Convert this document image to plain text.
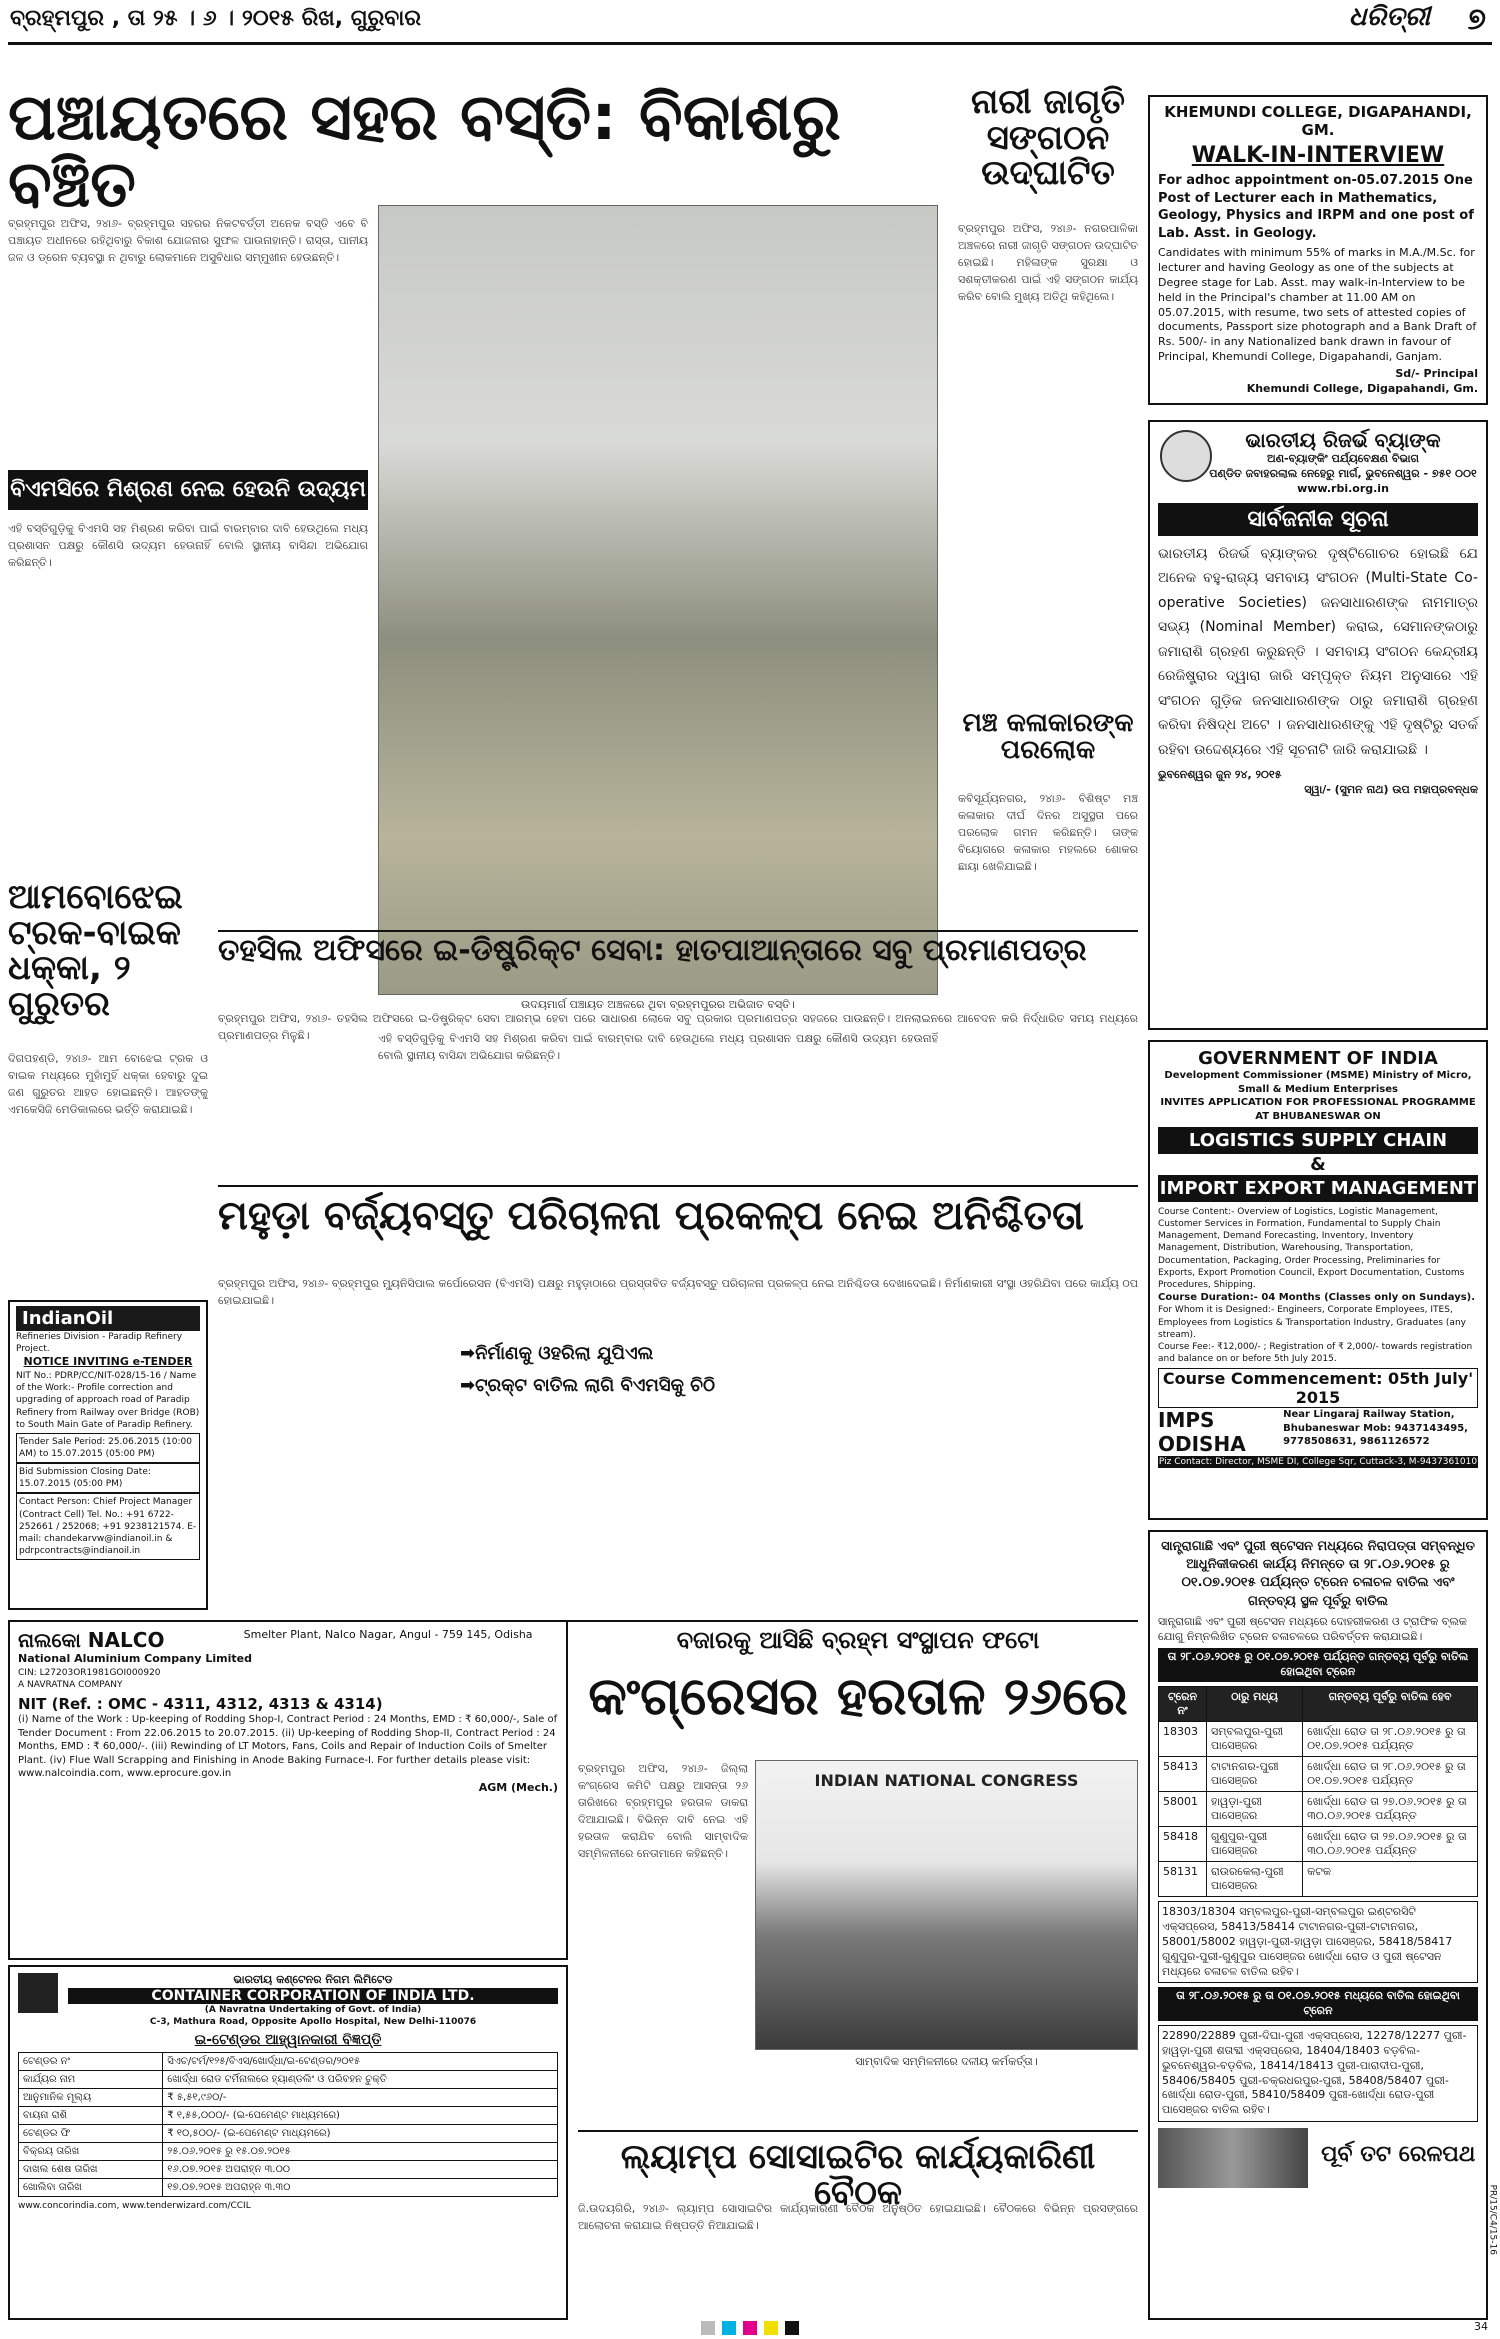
ବ୍ରହ୍ମପୁର , ତା ୨୫ । ୬ । ୨୦୧୫ ରିଖ, ଗୁରୁବାର	ଧରିତ୍ରୀ ୭
ପଞ୍ଚାୟତରେ ସହର ବସ୍ତି: ବିକାଶରୁ ବଞ୍ଚିତ
ବ୍ରହ୍ମପୁର ଅଫିସ, ୨୪ା୬- ବ୍ରହ୍ମପୁର ସହରର ନିକଟବର୍ତ୍ତୀ ଅନେକ ବସ୍ତି ଏବେ ବି ପଞ୍ଚାୟତ ଅଧୀନରେ ରହିଥିବାରୁ ବିକାଶ ଯୋଜନାର ସୁଫଳ ପାଉନାହାନ୍ତି। ରାସ୍ତା, ପାନୀୟ ଜଳ ଓ ଡ୍ରେନ ବ୍ୟବସ୍ଥା ନ ଥିବାରୁ ଲୋକମାନେ ଅସୁବିଧାର ସମ୍ମୁଖୀନ ହେଉଛନ୍ତି।
ଉଦୟମାର୍ଗ ପଞ୍ଚାୟତ ଅଞ୍ଚଳରେ ଥିବା ବ୍ରହ୍ମପୁରର ଅଭିଜାତ ବସ୍ତି।
ବିଏମସିରେ ମିଶ୍ରଣ ନେଇ ହେଉନି ଉଦ୍ୟମ
ଏହି ବସ୍ତିଗୁଡ଼ିକୁ ବିଏମସି ସହ ମିଶ୍ରଣ କରିବା ପାଇଁ ବାରମ୍ବାର ଦାବି ହେଉଥିଲେ ମଧ୍ୟ ପ୍ରଶାସନ ପକ୍ଷରୁ କୌଣସି ଉଦ୍ୟମ ହେଉନାହିଁ ବୋଲି ସ୍ଥାନୀୟ ବାସିନ୍ଦା ଅଭିଯୋଗ କରିଛନ୍ତି।
ଏହି ବସ୍ତିଗୁଡ଼ିକୁ ବିଏମସି ସହ ମିଶ୍ରଣ କରିବା ପାଇଁ ବାରମ୍ବାର ଦାବି ହେଉଥିଲେ ମଧ୍ୟ ପ୍ରଶାସନ ପକ୍ଷରୁ କୌଣସି ଉଦ୍ୟମ ହେଉନାହିଁ ବୋଲି ସ୍ଥାନୀୟ ବାସିନ୍ଦା ଅଭିଯୋଗ କରିଛନ୍ତି।
ନାରୀ ଜାଗୃତି ସଙ୍ଗଠନ ଉଦ୍‌ଘାଟିତ
ବ୍ରହ୍ମପୁର ଅଫିସ, ୨୪ା୬- ନଗରପାଳିକା ଅଞ୍ଚଳରେ ନାରୀ ଜାଗୃତି ସଙ୍ଗଠନ ଉଦ୍‌ଘାଟିତ ହୋଇଛି। ମହିଳାଙ୍କ ସୁରକ୍ଷା ଓ ସଶକ୍ତୀକରଣ ପାଇଁ ଏହି ସଙ୍ଗଠନ କାର୍ଯ୍ୟ କରିବ ବୋଲି ମୁଖ୍ୟ ଅତିଥି କହିଥିଲେ।
ମଞ୍ଚ କଳାକାରଙ୍କ ପରଲୋକ
କବିସୂର୍ଯ୍ୟନଗର, ୨୪ା୬- ବିଶିଷ୍ଟ ମଞ୍ଚ କଳାକାର ଦୀର୍ଘ ଦିନର ଅସୁସ୍ଥତା ପରେ ପରଲୋକ ଗମନ କରିଛନ୍ତି। ତାଙ୍କ ବିୟୋଗରେ କଳାକାର ମହଲରେ ଶୋକର ଛାୟା ଖେଳିଯାଇଛି।
KHEMUNDI COLLEGE, DIGAPAHANDI, GM.
WALK-IN-INTERVIEW
For adhoc appointment on-05.07.2015 One Post of Lecturer each in Mathematics, Geology, Physics and IRPM and one post of Lab. Asst. in Geology.
Candidates with minimum 55% of marks in M.A./M.Sc. for lecturer and having Geology as one of the subjects at Degree stage for Lab. Asst. may walk-in-Interview to be held in the Principal's chamber at 11.00 AM on 05.07.2015, with resume, two sets of attested copies of documents, Passport size photograph and a Bank Draft of Rs. 500/- in any Nationalized bank drawn in favour of Principal, Khemundi College, Digapahandi, Ganjam.
Sd/- Principal
Khemundi College, Digapahandi, Gm.
ଭାରତୀୟ ରିଜର୍ଭ ବ୍ୟାଙ୍କ
ଅଣ-ବ୍ୟାଙ୍କିଂ ପର୍ଯ୍ୟବେକ୍ଷଣ ବିଭାଗ
ପଣ୍ଡିତ ଜବାହରଲାଲ ନେହେରୁ ମାର୍ଗ, ଭୁବନେଶ୍ୱର - ୭୫୧ ୦୦୧
www.rbi.org.in
ସାର୍ବଜନୀକ ସୂଚନା
ଭାରତୀୟ ରିଜର୍ଭ ବ୍ୟାଙ୍କର ଦୃଷ୍ଟିଗୋଚର ହୋଇଛି ଯେ ଅନେକ ବହୁ-ରାଜ୍ୟ ସମବାୟ ସଂଗଠନ (Multi-State Co-operative Societies) ଜନସାଧାରଣଙ୍କ ନାମମାତ୍ର ସଭ୍ୟ (Nominal Member) କରାଇ, ସେମାନଙ୍କଠାରୁ ଜମାରାଶି ଗ୍ରହଣ କରୁଛନ୍ତି । ସମବାୟ ସଂଗଠନ କେନ୍ଦ୍ରୀୟ ରେଜିଷ୍ଟ୍ରାର ଦ୍ୱାରା ଜାରି ସମ୍ପୃକ୍ତ ନିୟମ ଅନୁସାରେ ଏହି ସଂଗଠନ ଗୁଡ଼ିକ ଜନସାଧାରଣଙ୍କ ଠାରୁ ଜମାରାଶି ଗ୍ରହଣ କରିବା ନିଷିଦ୍ଧ ଅଟେ । ଜନସାଧାରଣଙ୍କୁ ଏହି ଦୃଷ୍ଟିରୁ ସତର୍କ ରହିବା ଉଦ୍ଦେଶ୍ୟରେ ଏହି ସୂଚନାଟି ଜାରି କରାଯାଇଛି ।
ଭୁବନେଶ୍ୱର ଜୁନ ୨୪, ୨୦୧୫
ସ୍ୱା/- (ସୁମନ ନାଥ) ଉପ ମହାପ୍ରବନ୍ଧକ
ଆମବୋଝେଇ ଟ୍ରକ-ବାଇକ ଧକ୍କା, ୨ ଗୁରୁତର
ଦିଗପହଣ୍ଡି, ୨୪ା୬- ଆମ ବୋଝେଇ ଟ୍ରକ ଓ ବାଇକ ମଧ୍ୟରେ ମୁହାଁମୁହିଁ ଧକ୍କା ହେବାରୁ ଦୁଇ ଜଣ ଗୁରୁତର ଆହତ ହୋଇଛନ୍ତି। ଆହତଙ୍କୁ ଏମକେସିଜି ମେଡିକାଲରେ ଭର୍ତ୍ତି କରାଯାଇଛି।
ତହସିଲ ଅଫିସରେ ଇ-ଡିଷ୍ଟ୍ରିକ୍ଟ ସେବା: ହାତପାଆନ୍ତାରେ ସବୁ ପ୍ରମାଣପତ୍ର
ବ୍ରହ୍ମପୁର ଅଫିସ, ୨୪ା୬- ତହସିଲ ଅଫିସରେ ଇ-ଡିଷ୍ଟ୍ରିକ୍ଟ ସେବା ଆରମ୍ଭ ହେବା ପରେ ସାଧାରଣ ଲୋକେ ସବୁ ପ୍ରକାର ପ୍ରମାଣପତ୍ର ସହଜରେ ପାଉଛନ୍ତି। ଅନଲାଇନରେ ଆବେଦନ କରି ନିର୍ଦ୍ଧାରିତ ସମୟ ମଧ୍ୟରେ ପ୍ରମାଣପତ୍ର ମିଳୁଛି।
IndianOil
Refineries Division - Paradip Refinery Project.
NOTICE INVITING e-TENDER
NIT No.: PDRP/CC/NIT-028/15-16 / Name of the Work:- Profile correction and upgrading of approach road of Paradip Refinery from Railway over Bridge (ROB) to South Main Gate of Paradip Refinery.
Tender Sale Period: 25.06.2015 (10:00 AM) to 15.07.2015 (05:00 PM)
Bid Submission Closing Date: 15.07.2015 (05:00 PM)
Contact Person: Chief Project Manager (Contract Cell) Tel. No.: +91 6722-252661 / 252068; +91 9238121574. E-mail: chandekarvw@indianoil.in & pdrpcontracts@indianoil.in
GOVERNMENT OF INDIA
Development Commissioner (MSME) Ministry of Micro, Small & Medium Enterprises
INVITES APPLICATION FOR PROFESSIONAL PROGRAMME AT BHUBANESWAR ON
LOGISTICS SUPPLY CHAIN
&
IMPORT EXPORT MANAGEMENT
Course Content:- Overview of Logistics, Logistic Management, Customer Services in Formation, Fundamental to Supply Chain Management, Demand Forecasting, Inventory, Inventory Management, Distribution, Warehousing, Transportation, Documentation, Packaging, Order Processing, Preliminaries for Exports, Export Promotion Council, Export Documentation, Customs Procedures, Shipping.
Course Duration:- 04 Months (Classes only on Sundays).
For Whom it is Designed:- Engineers, Corporate Employees, ITES, Employees from Logistics & Transportation Industry, Graduates (any stream).
Course Fee:- ₹12,000/- ; Registration of ₹ 2,000/- towards registration and balance on or before 5th July 2015.
Course Commencement: 05th July' 2015
IMPS ODISHA Near Lingaraj Railway Station, Bhubaneswar Mob: 9437143495, 9778508631, 9861126572
Piz Contact: Director, MSME DI, College Sqr, Cuttack-3, M-9437361010
ମହୁଡ଼ା ବର୍ଜ୍ୟବସ୍ତୁ ପରିଚାଳନା ପ୍ରକଳ୍ପ ନେଇ ଅନିଶ୍ଚିତତା
ବ୍ରହ୍ମପୁର ଅଫିସ, ୨୪ା୬- ବ୍ରହ୍ମପୁର ମ୍ୟୁନିସିପାଲ କର୍ପୋରେସନ (ବିଏମସି) ପକ୍ଷରୁ ମହୁଡ଼ାଠାରେ ପ୍ରସ୍ତାବିତ ବର୍ଜ୍ୟବସ୍ତୁ ପରିଚାଳନା ପ୍ରକଳ୍ପ ନେଇ ଅନିଶ୍ଚିତତା ଦେଖାଦେଇଛି। ନିର୍ମାଣକାରୀ ସଂସ୍ଥା ଓହରିଯିବା ପରେ କାର୍ଯ୍ୟ ଠପ ହୋଇଯାଇଛି।
➡ନିର୍ମାଣକୁ ଓହରିଲା ଯୁପିଏଲ
➡ଟ୍ରକ୍ଟ ବାତିଲ ଲାଗି ବିଏମସିକୁ ଚିଠି
ସାନ୍ତ୍ରାଗାଛି ଏବଂ ପୁରୀ ଷ୍ଟେସନ ମଧ୍ୟରେ ନିରାପତ୍ତା ସମ୍ବନ୍ଧିତ ଆଧୁନିକୀକରଣ କାର୍ଯ୍ୟ ନିମନ୍ତେ ତା ୨୮.୦୬.୨୦୧୫ ରୁ ୦୧.୦୭.୨୦୧୫ ପର୍ଯ୍ୟନ୍ତ ଟ୍ରେନ ଚଳାଚଳ ବାତିଲ ଏବଂ ଗନ୍ତବ୍ୟ ସ୍ଥଳ ପୂର୍ବରୁ ବାତିଲ
ସାନ୍ତ୍ରାଗାଛି ଏବଂ ପୁରୀ ଷ୍ଟେସନ ମଧ୍ୟରେ ଦୋହରୀକରଣ ଓ ଟ୍ରାଫିକ ବ୍ଲକ ଯୋଗୁ ନିମ୍ନଲିଖିତ ଟ୍ରେନ ଚଳାଚଳରେ ପରିବର୍ତ୍ତନ କରାଯାଇଛି।
ତା ୨୮.୦୬.୨୦୧୫ ରୁ ୦୧.୦୭.୨୦୧୫ ପର୍ଯ୍ୟନ୍ତ ଗନ୍ତବ୍ୟ ପୂର୍ବରୁ ବାତିଲ ହୋଇଥିବା ଟ୍ରେନ
ଟ୍ରେନ ନଂ	ଠାରୁ ମଧ୍ୟ	ଗନ୍ତବ୍ୟ ପୂର୍ବରୁ ବାତିଲ ହେବ
18303	ସମ୍ବଲପୁର-ପୁରୀ ପାସେଞ୍ଜର	ଖୋର୍ଦ୍ଧା ରୋଡ ତା ୨୮.୦୬.୨୦୧୫ ରୁ ତା ୦୧.୦୭.୨୦୧୫ ପର୍ଯ୍ୟନ୍ତ
58413	ଟାଟାନଗର-ପୁରୀ ପାସେଞ୍ଜର	ଖୋର୍ଦ୍ଧା ରୋଡ ତା ୨୮.୦୬.୨୦୧୫ ରୁ ତା ୦୧.୦୭.୨୦୧୫ ପର୍ଯ୍ୟନ୍ତ
58001	ହାୱଡ଼ା-ପୁରୀ ପାସେଞ୍ଜର	ଖୋର୍ଦ୍ଧା ରୋଡ ତା ୨୭.୦୬.୨୦୧୫ ରୁ ତା ୩୦.୦୬.୨୦୧୫ ପର୍ଯ୍ୟନ୍ତ
58418	ଗୁଣୁପୁର-ପୁରୀ ପାସେଞ୍ଜର	ଖୋର୍ଦ୍ଧା ରୋଡ ତା ୨୭.୦୬.୨୦୧୫ ରୁ ତା ୩୦.୦୬.୨୦୧୫ ପର୍ଯ୍ୟନ୍ତ
58131	ରାଉରକେଲା-ପୁରୀ ପାସେଞ୍ଜର	କଟକ
18303/18304 ସମ୍ବଲପୁର-ପୁରୀ-ସମ୍ବଲପୁର ଇଣ୍ଟରସିଟି ଏକ୍ସପ୍ରେସ, 58413/58414 ଟାଟାନଗର-ପୁରୀ-ଟାଟାନଗର, 58001/58002 ହାୱଡ଼ା-ପୁରୀ-ହାୱଡ଼ା ପାସେଞ୍ଜର, 58418/58417 ଗୁଣୁପୁର-ପୁରୀ-ଗୁଣୁପୁର ପାସେଞ୍ଜର ଖୋର୍ଦ୍ଧା ରୋଡ ଓ ପୁରୀ ଷ୍ଟେସନ ମଧ୍ୟରେ ଚଳାଚଳ ବାତିଲ ରହିବ।
ତା ୨୮.୦୬.୨୦୧୫ ରୁ ତା ୦୧.୦୭.୨୦୧୫ ମଧ୍ୟରେ ବାତିଲ ହୋଇଥିବା ଟ୍ରେନ
22890/22889 ପୁରୀ-ଦିଘା-ପୁରୀ ଏକ୍ସପ୍ରେସ, 12278/12277 ପୁରୀ-ହାୱଡ଼ା-ପୁରୀ ଶତାବ୍ଦୀ ଏକ୍ସପ୍ରେସ, 18404/18403 ବଡ଼ବିଲ-ଭୁବନେଶ୍ୱର-ବଡ଼ବିଲ, 18414/18413 ପୁରୀ-ପାରାଦୀପ-ପୁରୀ, 58406/58405 ପୁରୀ-ଚକ୍ରଧରପୁର-ପୁରୀ, 58408/58407 ପୁରୀ-ଖୋର୍ଦ୍ଧା ରୋଡ-ପୁରୀ, 58410/58409 ପୁରୀ-ଖୋର୍ଦ୍ଧା ରୋଡ-ପୁରୀ ପାସେଞ୍ଜର ବାତିଲ ରହିବ।
ପୂର୍ବ ତଟ ରେଳପଥ
ନାଲକୋ NALCO	Smelter Plant, Nalco Nagar, Angul - 759 145, Odisha
National Aluminium Company Limited
CIN: L27203OR1981GOI000920
A NAVRATNA COMPANY
NIT (Ref. : OMC - 4311, 4312, 4313 & 4314)
(i) Name of the Work : Up-keeping of Rodding Shop-I, Contract Period : 24 Months, EMD : ₹ 60,000/-, Sale of Tender Document : From 22.06.2015 to 20.07.2015. (ii) Up-keeping of Rodding Shop-II, Contract Period : 24 Months, EMD : ₹ 60,000/-. (iii) Rewinding of LT Motors, Fans, Coils and Repair of Induction Coils of Smelter Plant. (iv) Flue Wall Scrapping and Finishing in Anode Baking Furnace-I. For further details please visit: www.nalcoindia.com, www.eprocure.gov.in
AGM (Mech.)
ଭାରତୀୟ କଣ୍ଟେନର ନିଗମ ଲିମିଟେଡ
CONTAINER CORPORATION OF INDIA LTD.
(A Navratna Undertaking of Govt. of India)
C-3, Mathura Road, Opposite Apollo Hospital, New Delhi-110076
ଇ-ଟେଣ୍ଡର ଆହ୍ୱାନକାରୀ ବିଜ୍ଞପ୍ତି
ଟେଣ୍ଡର ନଂ	ସିଏଚ/ଟର୍ମ/୧୨୫/ବିଏସ/ଖୋର୍ଦ୍ଧା/ଇ-ଟେଣ୍ଡର/୨୦୧୫
କାର୍ଯ୍ୟର ନାମ	ଖୋର୍ଦ୍ଧା ରୋଡ ଟର୍ମିନାଲରେ ହ୍ୟାଣ୍ଡଲିଂ ଓ ପରିବହନ ଚୁକ୍ତି
ଆନୁମାନିକ ମୂଲ୍ୟ	₹ ୫,୫୧,୯୬୦/-
ବାୟନା ରାଶି	₹ ୧,୫୫,୦୦୦/- (ଇ-ପେମେଣ୍ଟ ମାଧ୍ୟମରେ)
ଟେଣ୍ଡର ଫି	₹ ୧୦,୫୦୦/- (ଇ-ପେମେଣ୍ଟ ମାଧ୍ୟମରେ)
ବିକ୍ରୟ ତାରିଖ	୨୫.୦୬.୨୦୧୫ ରୁ ୧୫.୦୭.୨୦୧୫
ଦାଖଲ ଶେଷ ତାରିଖ	୧୬.୦୭.୨୦୧୫ ଅପରାହ୍ନ ୩.୦୦
ଖୋଲିବା ତାରିଖ	୧୭.୦୭.୨୦୧୫ ଅପରାହ୍ନ ୩.୩୦
www.concorindia.com, www.tenderwizard.com/CCIL
ବଜାରକୁ ଆସିଛି ବ୍ରହ୍ମ ସଂସ୍ଥାପନ ଫଟୋ
କଂଗ୍ରେସର ହରତାଳ ୨୬ରେ
ବ୍ରହ୍ମପୁର ଅଫିସ, ୨୪ା୬- ଜିଲ୍ଲା କଂଗ୍ରେସ କମିଟି ପକ୍ଷରୁ ଆସନ୍ତା ୨୬ ତାରିଖରେ ବ୍ରହ୍ମପୁର ହରତାଳ ଡାକରା ଦିଆଯାଇଛି। ବିଭିନ୍ନ ଦାବି ନେଇ ଏହି ହରତାଳ କରାଯିବ ବୋଲି ସାମ୍ବାଦିକ ସମ୍ମିଳନୀରେ ନେତାମାନେ କହିଛନ୍ତି।
INDIAN NATIONAL CONGRESS
ସାମ୍ବାଦିକ ସମ୍ମିଳନୀରେ ଦଳୀୟ କର୍ମକର୍ତ୍ତା।
ଲ୍ୟାମ୍ପ ସୋସାଇଟିର କାର୍ଯ୍ୟକାରିଣୀ ବୈଠକ
ଜି.ଉଦୟଗିରି, ୨୪ା୬- ଲ୍ୟାମ୍ପ ସୋସାଇଟିର କାର୍ଯ୍ୟକାରିଣୀ ବୈଠକ ଅନୁଷ୍ଠିତ ହୋଇଯାଇଛି। ବୈଠକରେ ବିଭିନ୍ନ ପ୍ରସଙ୍ଗରେ ଆଲୋଚନା କରାଯାଇ ନିଷ୍ପତ୍ତି ନିଆଯାଇଛି।
	PR/15/C4/15-16
34
